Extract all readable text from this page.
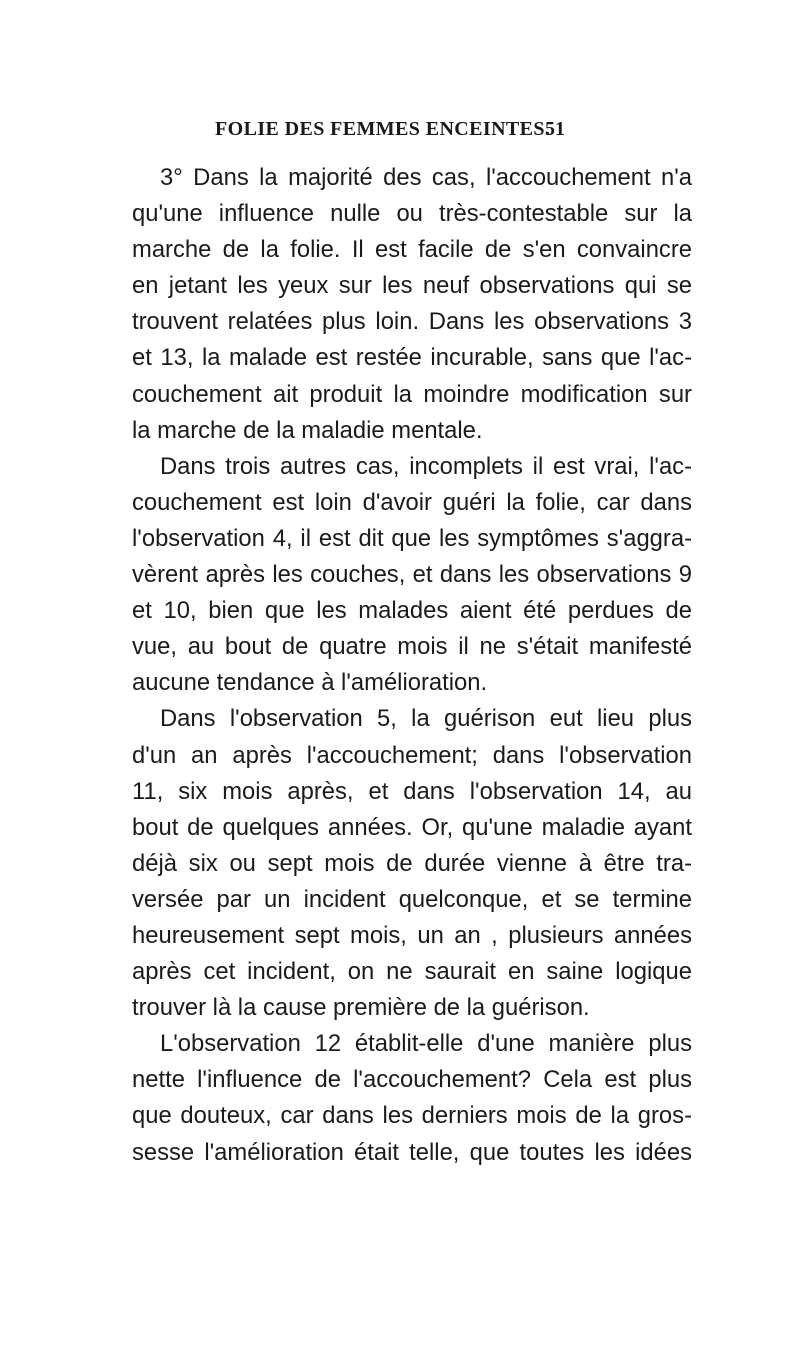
FOLIE DES FEMMES ENCEINTES.
51
3° Dans la majorité des cas, l'accouchement n'a
qu'une influence nulle ou très-contestable sur la
marche de la folie. Il est facile de s'en convaincre
en jetant les yeux sur les neuf observations qui se
trouvent relatées plus loin. Dans les observations 3
et 13, la malade est restée incurable, sans que l'ac-
couchement ait produit la moindre modification sur
la marche de la maladie mentale.
Dans trois autres cas, incomplets il est vrai, l'ac-
couchement est loin d'avoir guéri la folie, car dans
l'observation 4, il est dit que les symptômes s'aggra-
vèrent après les couches, et dans les observations 9
et 10, bien que les malades aient été perdues de
vue, au bout de quatre mois il ne s'était manifesté
aucune tendance à l'amélioration.
Dans l'observation 5, la guérison eut lieu plus
d'un an après l'accouchement; dans l'observation
11, six mois après, et dans l'observation 14, au
bout de quelques années. Or, qu'une maladie ayant
déjà six ou sept mois de durée vienne à être tra-
versée par un incident quelconque, et se termine
heureusement sept mois, un an , plusieurs années
après cet incident, on ne saurait en saine logique
trouver là la cause première de la guérison.
L'observation 12 établit-elle d'une manière plus
nette l'influence de l'accouchement? Cela est plus
que douteux, car dans les derniers mois de la gros-
sesse l'amélioration était telle, que toutes les idées
